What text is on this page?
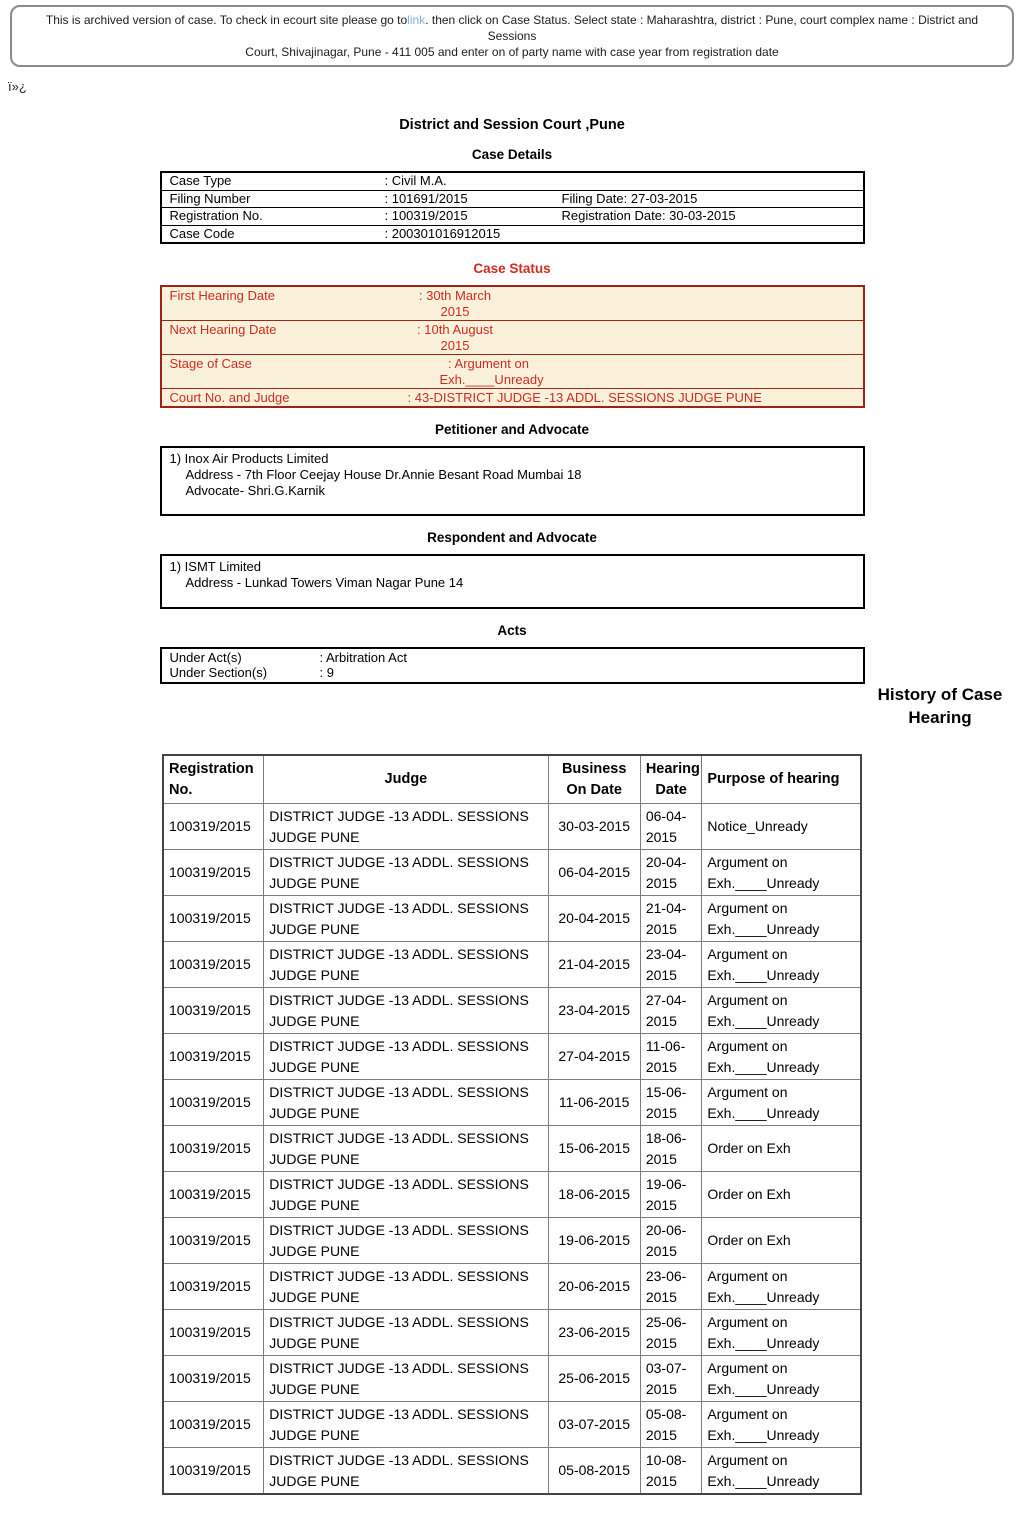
This is archived version of case. To check in ecourt site please go tolink. then click on Case Status. Select state : Maharashtra, district : Pune, court complex name : District and Sessions
Court, Shivajinagar, Pune - 411 005 and enter on of party name with case year from registration date
ï»¿
District and Session Court ,Pune
Case Details
Case Type	: Civil M.A.
Filing Number	: 101691/2015	Filing Date: 27-03-2015
Registration No.	: 100319/2015	Registration Date: 30-03-2015
Case Code	: 200301016912015
Case Status
First Hearing Date	: 30th March 2015
Next Hearing Date	: 10th August 2015
Stage of Case	: Argument on Exh.____Unready
Court No. and Judge	: 43-DISTRICT JUDGE -13 ADDL. SESSIONS JUDGE PUNE
Petitioner and Advocate
1) Inox Air Products Limited
Address - 7th Floor Ceejay House Dr.Annie Besant Road Mumbai 18
Advocate- Shri.G.Karnik
Respondent and Advocate
1) ISMT Limited
Address - Lunkad Towers Viman Nagar Pune 14
Acts
Under Act(s)	: Arbitration Act
Under Section(s)	: 9
History of Case Hearing
Registration No.	Judge	Business On Date	Hearing Date	Purpose of hearing
100319/2015	DISTRICT JUDGE -13 ADDL. SESSIONS JUDGE PUNE	30-03-2015	06-04-2015	Notice_Unready
100319/2015	DISTRICT JUDGE -13 ADDL. SESSIONS JUDGE PUNE	06-04-2015	20-04-2015	Argument on Exh.____Unready
100319/2015	DISTRICT JUDGE -13 ADDL. SESSIONS JUDGE PUNE	20-04-2015	21-04-2015	Argument on Exh.____Unready
100319/2015	DISTRICT JUDGE -13 ADDL. SESSIONS JUDGE PUNE	21-04-2015	23-04-2015	Argument on Exh.____Unready
100319/2015	DISTRICT JUDGE -13 ADDL. SESSIONS JUDGE PUNE	23-04-2015	27-04-2015	Argument on Exh.____Unready
100319/2015	DISTRICT JUDGE -13 ADDL. SESSIONS JUDGE PUNE	27-04-2015	11-06-2015	Argument on Exh.____Unready
100319/2015	DISTRICT JUDGE -13 ADDL. SESSIONS JUDGE PUNE	11-06-2015	15-06-2015	Argument on Exh.____Unready
100319/2015	DISTRICT JUDGE -13 ADDL. SESSIONS JUDGE PUNE	15-06-2015	18-06-2015	Order on Exh
100319/2015	DISTRICT JUDGE -13 ADDL. SESSIONS JUDGE PUNE	18-06-2015	19-06-2015	Order on Exh
100319/2015	DISTRICT JUDGE -13 ADDL. SESSIONS JUDGE PUNE	19-06-2015	20-06-2015	Order on Exh
100319/2015	DISTRICT JUDGE -13 ADDL. SESSIONS JUDGE PUNE	20-06-2015	23-06-2015	Argument on Exh.____Unready
100319/2015	DISTRICT JUDGE -13 ADDL. SESSIONS JUDGE PUNE	23-06-2015	25-06-2015	Argument on Exh.____Unready
100319/2015	DISTRICT JUDGE -13 ADDL. SESSIONS JUDGE PUNE	25-06-2015	03-07-2015	Argument on Exh.____Unready
100319/2015	DISTRICT JUDGE -13 ADDL. SESSIONS JUDGE PUNE	03-07-2015	05-08-2015	Argument on Exh.____Unready
100319/2015	DISTRICT JUDGE -13 ADDL. SESSIONS JUDGE PUNE	05-08-2015	10-08-2015	Argument on Exh.____Unready
